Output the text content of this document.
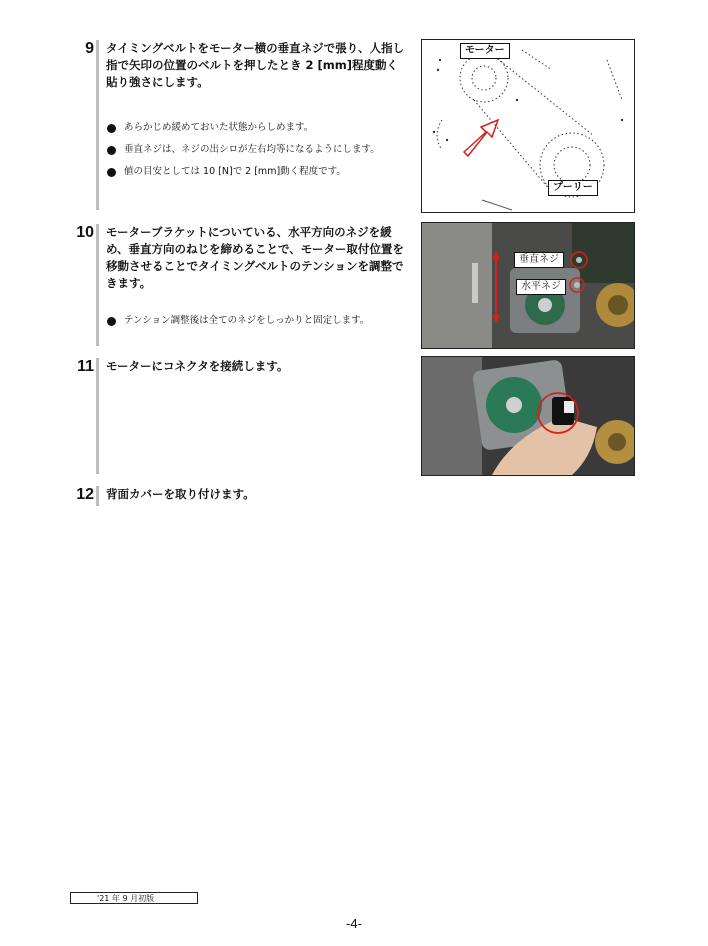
9 タイミングベルトをモーター横の垂直ネジで張り、人指し指で矢印の位置のベルトを押したとき 2 [mm]程度動く貼り強さにします。

あらかじめ緩めておいた状態からしめます。
垂直ネジは、ネジの出シロが左右均等になるようにします。
値の目安としては 10 [N]で 2 [mm]動く程度です。
モーター
プーリー
10 モーターブラケットについている、水平方向のネジを緩め、垂直方向のねじを締めることで、モーター取付位置を移動させることでタイミングベルトのテンションを調整できます。

テンション調整後は全てのネジをしっかりと固定します。
垂直ネジ
水平ネジ
11 モーターにコネクタを接続します。

12 背面カバーを取り付けます。

'21 年 9 月初版
-4-
